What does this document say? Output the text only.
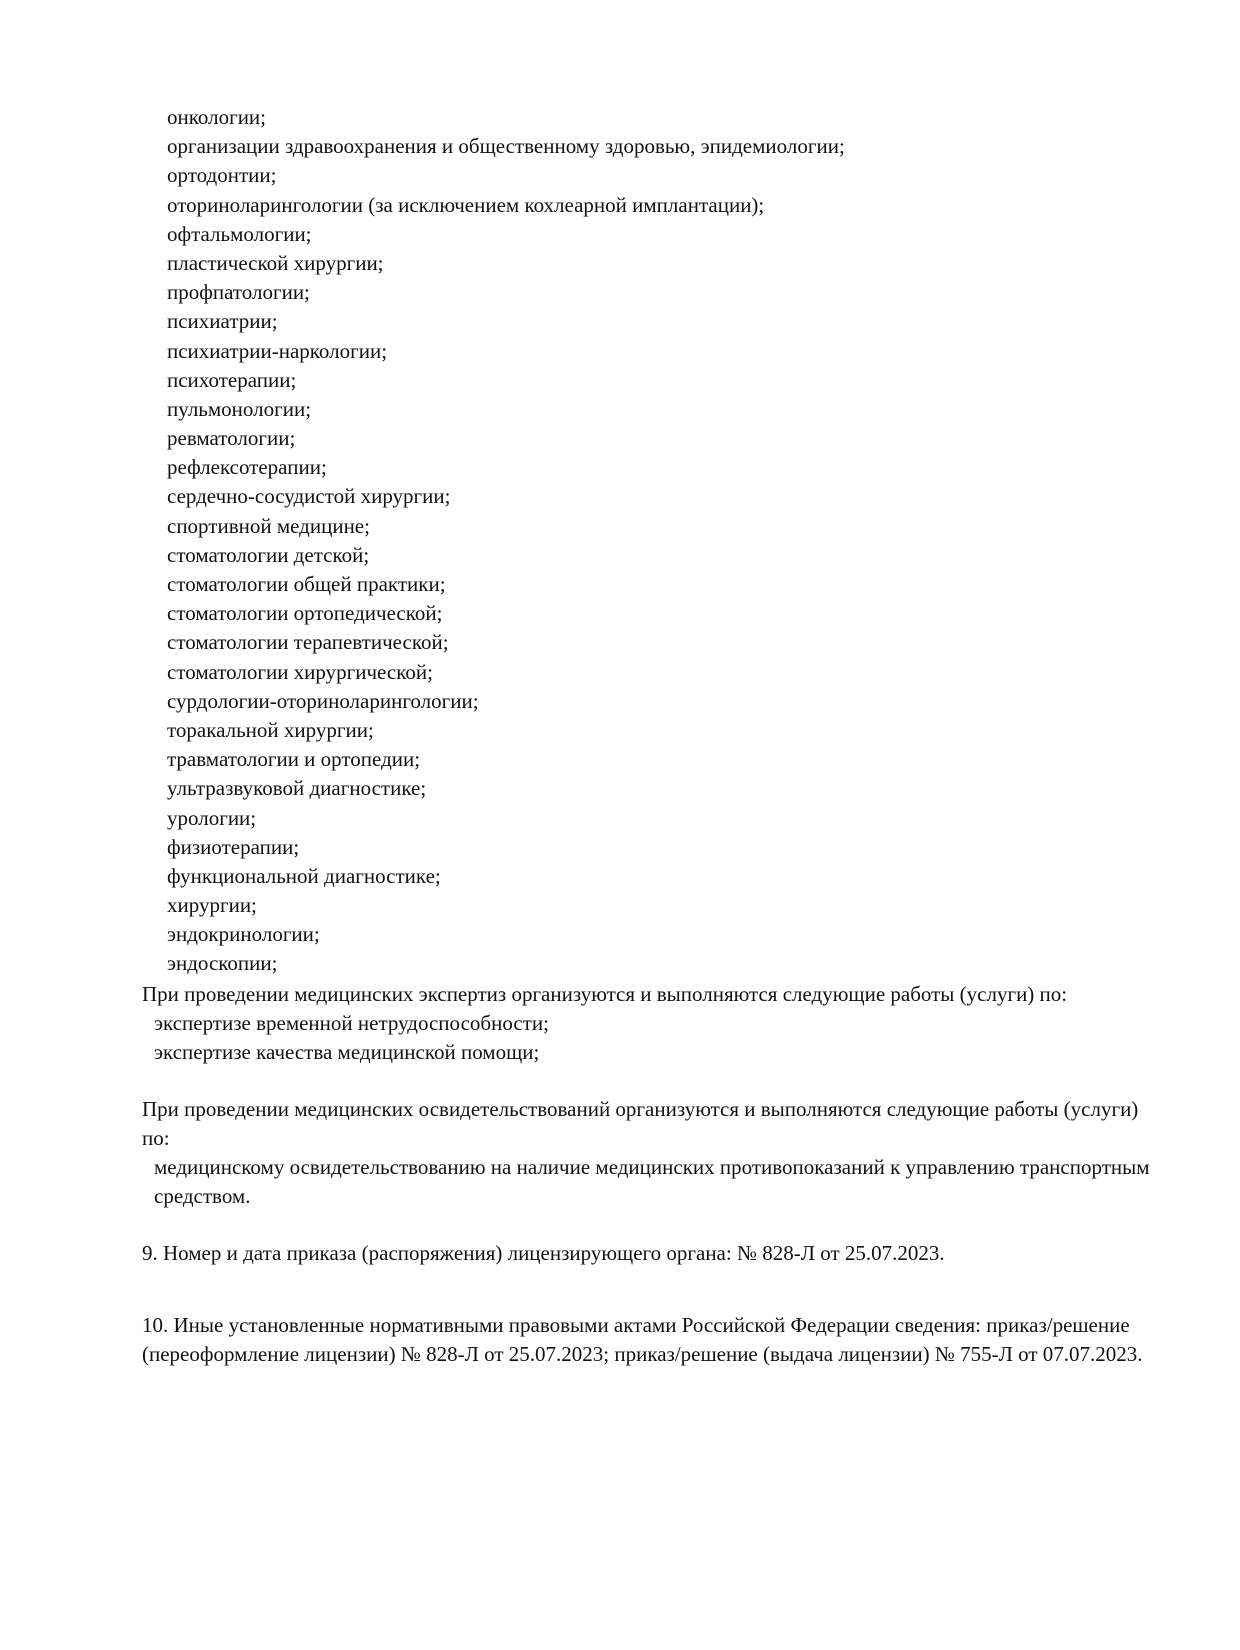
онкологии;
организации здравоохранения и общественному здоровью, эпидемиологии;
ортодонтии;
оториноларингологии (за исключением кохлеарной имплантации);
офтальмологии;
пластической хирургии;
профпатологии;
психиатрии;
психиатрии-наркологии;
психотерапии;
пульмонологии;
ревматологии;
рефлексотерапии;
сердечно-сосудистой хирургии;
спортивной медицине;
стоматологии детской;
стоматологии общей практики;
стоматологии ортопедической;
стоматологии терапевтической;
стоматологии хирургической;
сурдологии-оториноларингологии;
торакальной хирургии;
травматологии и ортопедии;
ультразвуковой диагностике;
урологии;
физиотерапии;
функциональной диагностике;
хирургии;
эндокринологии;
эндоскопии;

При проведении медицинских экспертиз организуются и выполняются следующие работы (услуги) по:

экспертизе временной нетрудоспособности;
экспертизе качества медицинской помощи;

При проведении медицинских освидетельствований организуются и выполняются следующие работы (услуги) по:

медицинскому освидетельствованию на наличие медицинских противопоказаний к управлению транспортным средством.

9. Номер и дата приказа (распоряжения) лицензирующего органа: № 828-Л от 25.07.2023.

10. Иные установленные нормативными правовыми актами Российской Федерации сведения: приказ/решение (переоформление лицензии) № 828-Л от 25.07.2023; приказ/решение (выдача лицензии) № 755-Л от 07.07.2023.
